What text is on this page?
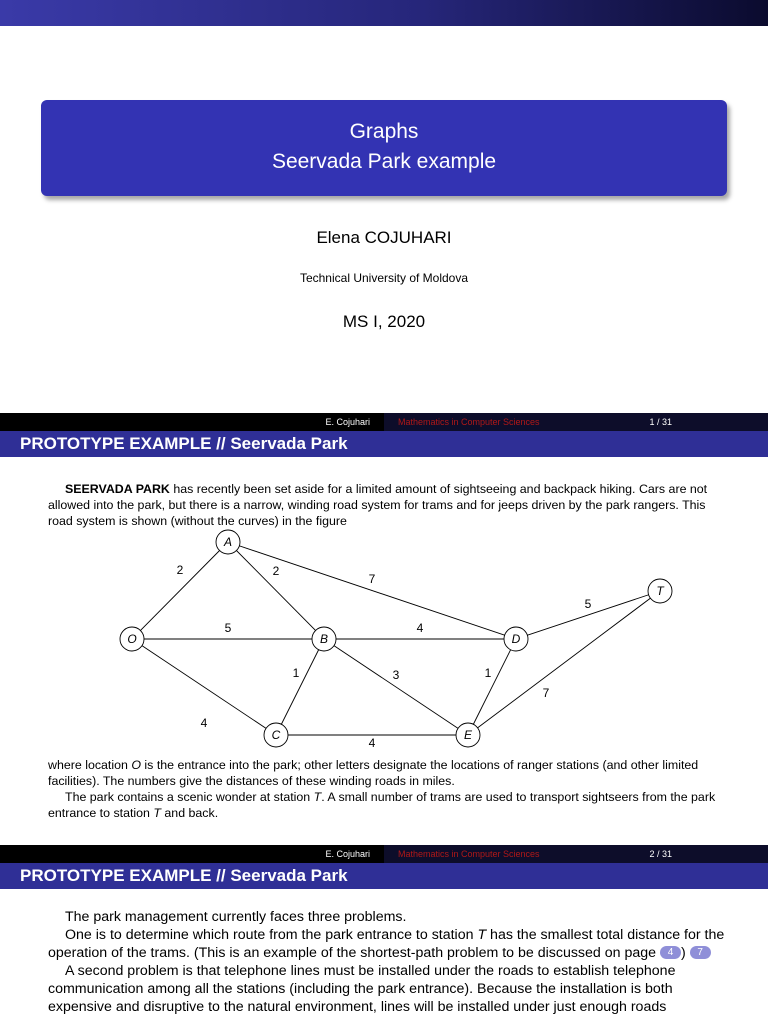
Graphs
Seervada Park example
Elena COJUHARI
Technical University of Moldova
MS I, 2020
E. Cojuhari	Mathematics in Computer Sciences	1 / 31
PROTOTYPE EXAMPLE // Seervada Park

SEERVADA PARK has recently been set aside for a limited amount of sightseeing and backpack hiking. Cars are not allowed into the park, but there is a narrow, winding road system for trams and for jeeps driven by the park rangers. This road system is shown (without the curves) in the figure

2	2
7
5	4
5
4
1	3	1
7
4
A
O	B
C
D
E
T

where location O is the entrance into the park; other letters designate the locations of ranger stations (and other limited facilities). The numbers give the distances of these winding roads in miles.

The park contains a scenic wonder at station T. A small number of trams are used to transport sightseers from the park entrance to station T and back.

E. Cojuhari	Mathematics in Computer Sciences	2 / 31
PROTOTYPE EXAMPLE // Seervada Park

The park management currently faces three problems.

One is to determine which route from the park entrance to station T has the smallest total distance for the operation of the trams. (This is an example of the shortest-path problem to be discussed on page 4 ) 7

A second problem is that telephone lines must be installed under the roads to establish telephone communication among all the stations (including the park entrance). Because the installation is both expensive and disruptive to the natural environment, lines will be installed under just enough roads
